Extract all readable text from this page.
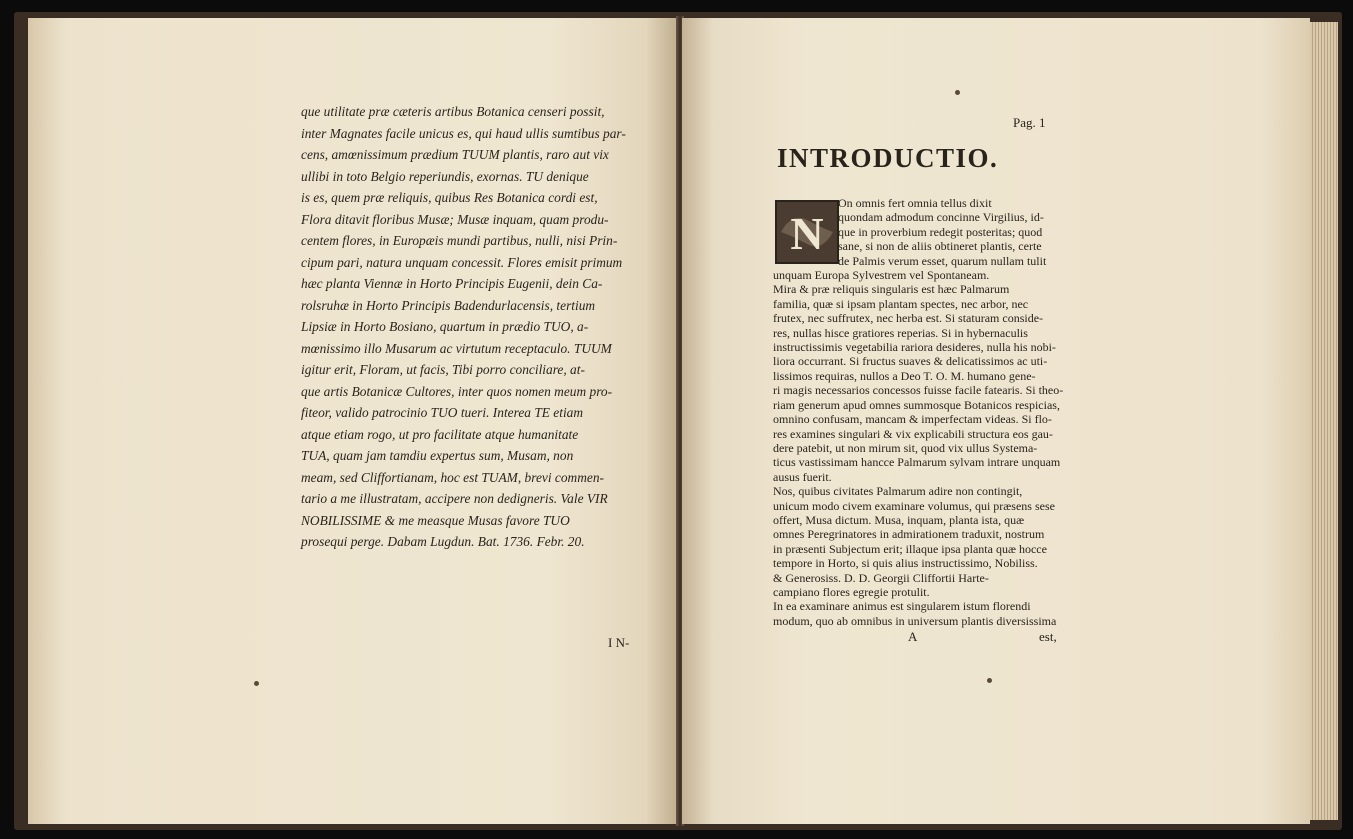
que utilitate præ cæteris artibus Botanica censeri possit,

inter Magnates facile unicus es, qui haud ullis sumtibus par-

cens, amœnissimum prædium TUUM plantis, raro aut vix

ullibi in toto Belgio reperiundis, exornas. TU denique

is es, quem præ reliquis, quibus Res Botanica cordi est,

Flora ditavit floribus Musæ; Musæ inquam, quam produ-

centem flores, in Europæis mundi partibus, nulli, nisi Prin-

cipum pari, natura unquam concessit. Flores emisit primum

hæc planta Viennæ in Horto Principis Eugenii, dein Ca-

rolsruhæ in Horto Principis Badendurlacensis, tertium

Lipsiæ in Horto Bosiano, quartum in prædio TUO, a-

mœnissimo illo Musarum ac virtutum receptaculo. TUUM

igitur erit, Floram, ut facis, Tibi porro conciliare, at-

que artis Botanicæ Cultores, inter quos nomen meum pro-

fiteor, valido patrocinio TUO tueri. Interea TE etiam

atque etiam rogo, ut pro facilitate atque humanitate

TUA, quam jam tamdiu expertus sum, Musam, non

meam, sed Cliffortianam, hoc est TUAM, brevi commen-

tario a me illustratam, accipere non dedigneris. Vale VIR

NOBILISSIME & me measque Musas favore TUO

prosequi perge. Dabam Lugdun. Bat. 1736. Febr. 20.

I N-
Pag. 1
INTRODUCTIO.
N

On omnis fert omnia tellus dixit

quondam admodum concinne Virgilius, id-

que in proverbium redegit posteritas; quod

sane, si non de aliis obtineret plantis, certe

de Palmis verum esset, quarum nullam tulit

unquam Europa Sylvestrem vel Spontaneam.

Mira & præ reliquis singularis est hæc Palmarum

familia, quæ si ipsam plantam spectes, nec arbor, nec

frutex, nec suffrutex, nec herba est. Si staturam conside-

res, nullas hisce gratiores reperias. Si in hybernaculis

instructissimis vegetabilia rariora desideres, nulla his nobi-

liora occurrant. Si fructus suaves & delicatissimos ac uti-

lissimos requiras, nullos a Deo T. O. M. humano gene-

ri magis necessarios concessos fuisse facile fatearis. Si theo-

riam generum apud omnes summosque Botanicos respicias,

omnino confusam, mancam & imperfectam videas. Si flo-

res examines singulari & vix explicabili structura eos gau-

dere patebit, ut non mirum sit, quod vix ullus Systema-

ticus vastissimam hancce Palmarum sylvam intrare unquam

ausus fuerit.

Nos, quibus civitates Palmarum adire non contingit,

unicum modo civem examinare volumus, qui præsens sese

offert, Musa dictum. Musa, inquam, planta ista, quæ

omnes Peregrinatores in admirationem traduxit, nostrum

in præsenti Subjectum erit; illaque ipsa planta quæ hocce

tempore in Horto, si quis alius instructissimo, Nobiliss.

& Generosiss. D. D. Georgii Cliffortii Harte-

campiano flores egregie protulit.

In ea examinare animus est singularem istum florendi

modum, quo ab omnibus in universum plantis diversissima

A	est,
